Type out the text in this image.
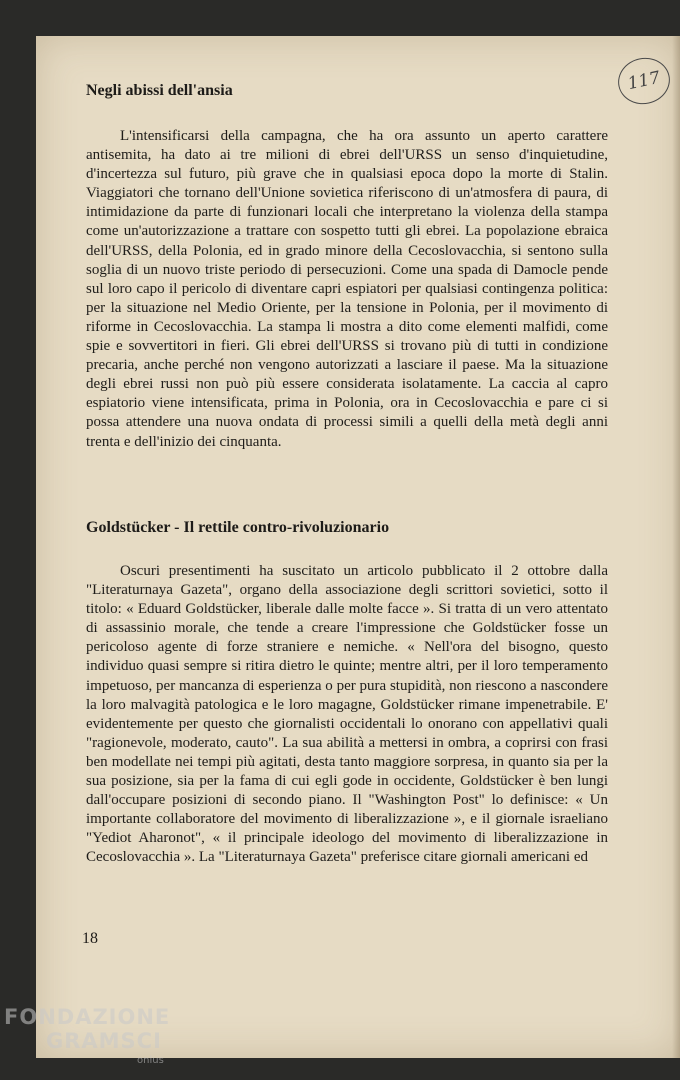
117
Negli abissi dell'ansia

L'intensificarsi della campagna, che ha ora assunto un aperto carattere antisemita, ha dato ai tre milioni di ebrei dell'URSS un senso d'inquietudine, d'incertezza sul futuro, più grave che in qualsiasi epoca dopo la morte di Stalin. Viaggiatori che tornano dell'Unione sovietica riferiscono di un'atmosfera di paura, di intimidazione da parte di funzionari locali che interpretano la violenza della stampa come un'autorizzazione a trattare con sospetto tutti gli ebrei. La popolazione ebraica dell'URSS, della Polonia, ed in grado minore della Cecoslovacchia, si sentono sulla soglia di un nuovo triste periodo di persecuzioni. Come una spada di Damocle pende sul loro capo il pericolo di diventare capri espiatori per qualsiasi contingenza politica: per la situazione nel Medio Oriente, per la tensione in Polonia, per il movimento di riforme in Cecoslovacchia. La stampa li mostra a dito come elementi malfidi, come spie e sovvertitori in fieri. Gli ebrei dell'URSS si trovano più di tutti in condizione precaria, anche perché non vengono autorizzati a lasciare il paese. Ma la situazione degli ebrei russi non può più essere considerata isolatamente. La caccia al capro espiatorio viene intensificata, prima in Polonia, ora in Cecoslovacchia e pare ci si possa attendere una nuova ondata di processi simili a quelli della metà degli anni trenta e dell'inizio dei cinquanta.

Goldstücker - Il rettile contro-rivoluzionario

Oscuri presentimenti ha suscitato un articolo pubblicato il 2 ottobre dalla "Literaturnaya Gazeta", organo della associazione degli scrittori sovietici, sotto il titolo: « Eduard Goldstücker, liberale dalle molte facce ». Si tratta di un vero attentato di assassinio morale, che tende a creare l'impressione che Goldstücker fosse un pericoloso agente di forze straniere e nemiche. « Nell'ora del bisogno, questo individuo quasi sempre si ritira dietro le quinte; mentre altri, per il loro temperamento impetuoso, per mancanza di esperienza o per pura stupidità, non riescono a nascondere la loro malvagità patologica e le loro magagne, Goldstücker rimane impenetrabile. E' evidentemente per questo che giornalisti occidentali lo onorano con appellativi quali "ragionevole, moderato, cauto". La sua abilità a mettersi in ombra, a coprirsi con frasi ben modellate nei tempi più agitati, desta tanto maggiore sorpresa, in quanto sia per la sua posizione, sia per la fama di cui egli gode in occidente, Goldstücker è ben lungi dall'occupare posizioni di secondo piano. Il "Washington Post" lo definisce: « Un importante collaboratore del movimento di liberalizzazione », e il giornale israeliano "Yediot Aharonot", « il principale ideologo del movimento di liberalizzazione in Cecoslovacchia ». La "Literaturnaya Gazeta" preferisce citare giornali americani ed

18
FONDAZIONE
GRAMSCI
onlus
